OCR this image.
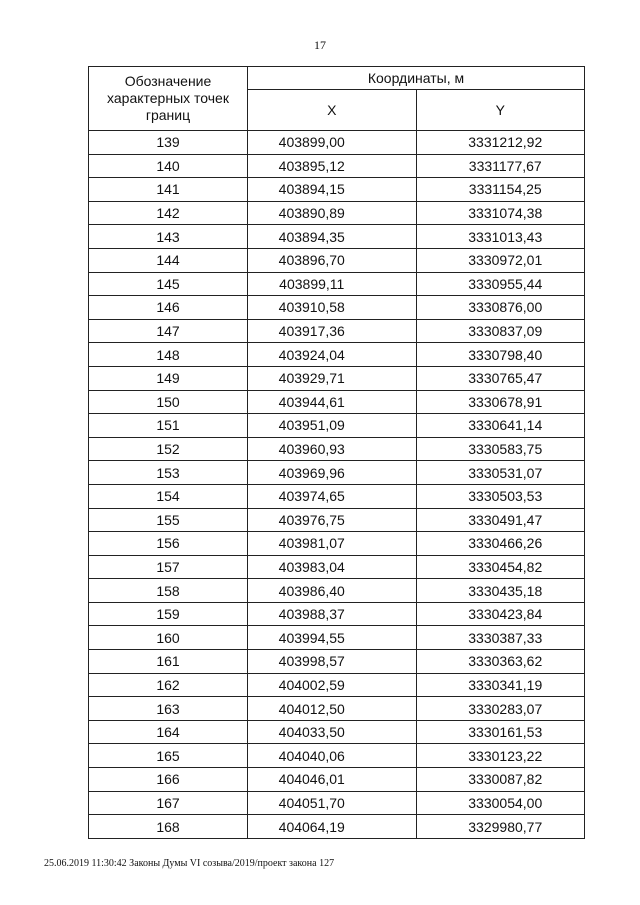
17
Обозначение характерных точек границ	Координаты, м	
	X	Y
139	403899,00	3331212,92
140	403895,12	3331177,67
141	403894,15	3331154,25
142	403890,89	3331074,38
143	403894,35	3331013,43
144	403896,70	3330972,01
145	403899,11	3330955,44
146	403910,58	3330876,00
147	403917,36	3330837,09
148	403924,04	3330798,40
149	403929,71	3330765,47
150	403944,61	3330678,91
151	403951,09	3330641,14
152	403960,93	3330583,75
153	403969,96	3330531,07
154	403974,65	3330503,53
155	403976,75	3330491,47
156	403981,07	3330466,26
157	403983,04	3330454,82
158	403986,40	3330435,18
159	403988,37	3330423,84
160	403994,55	3330387,33
161	403998,57	3330363,62
162	404002,59	3330341,19
163	404012,50	3330283,07
164	404033,50	3330161,53
165	404040,06	3330123,22
166	404046,01	3330087,82
167	404051,70	3330054,00
168	404064,19	3329980,77
25.06.2019 11:30:42 Законы Думы VI созыва/2019/проект закона 127
